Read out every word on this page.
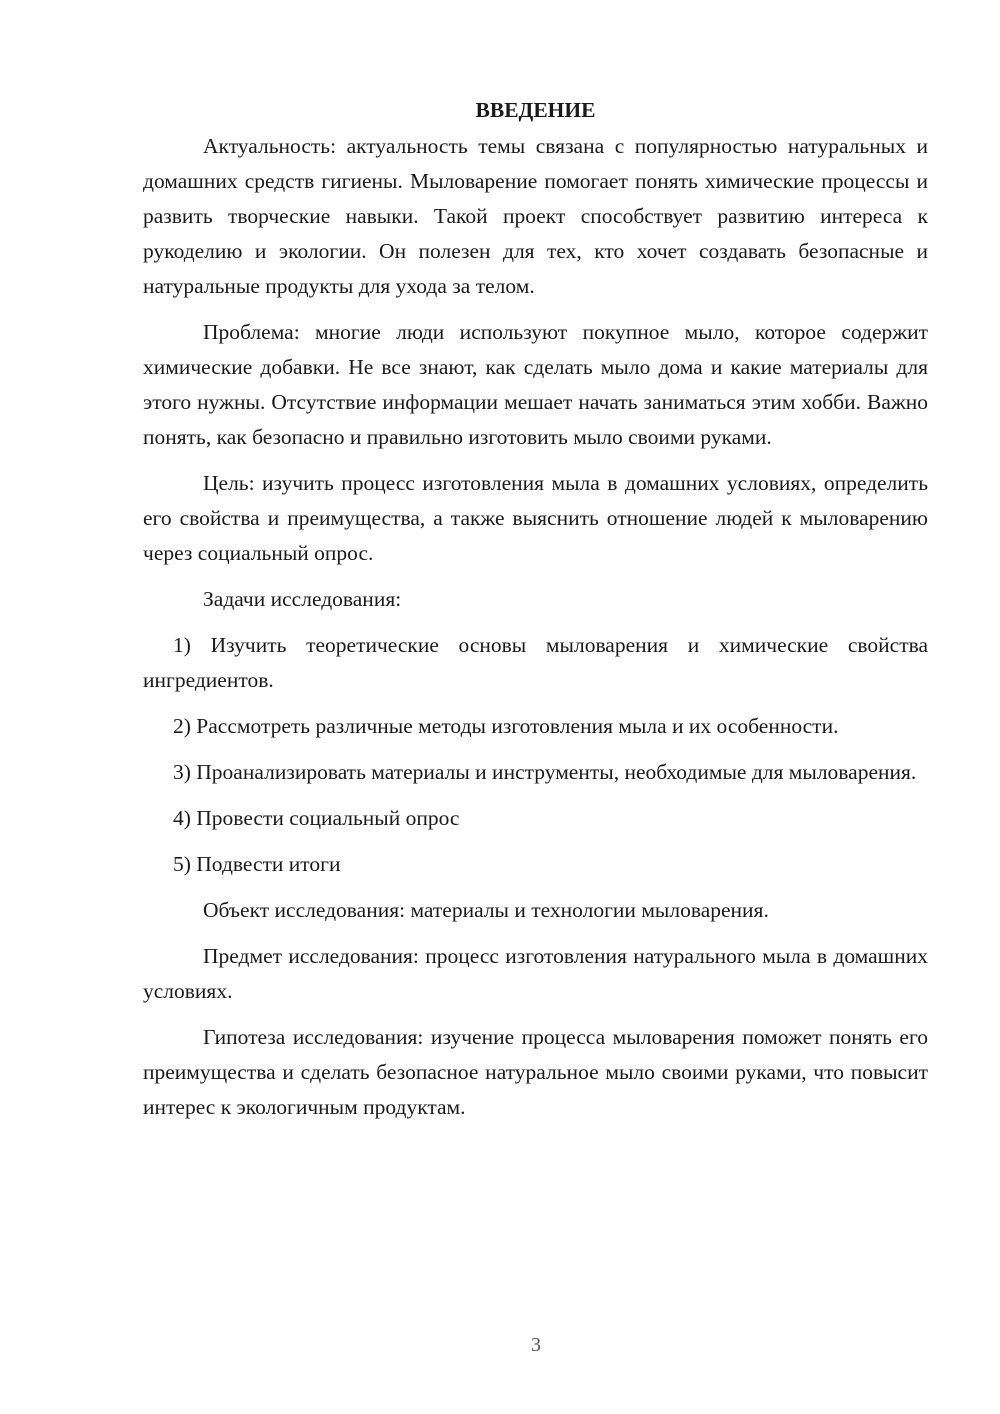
ВВЕДЕНИЕ

Актуальность: актуальность темы связана с популярностью натуральных и домашних средств гигиены. Мыловарение помогает понять химические процессы и развить творческие навыки. Такой проект способствует развитию интереса к рукоделию и экологии. Он полезен для тех, кто хочет создавать безопасные и натуральные продукты для ухода за телом.

Проблема: многие люди используют покупное мыло, которое содержит химические добавки. Не все знают, как сделать мыло дома и какие материалы для этого нужны. Отсутствие информации мешает начать заниматься этим хобби. Важно понять, как безопасно и правильно изготовить мыло своими руками.

Цель: изучить процесс изготовления мыла в домашних условиях, определить его свойства и преимущества, а также выяснить отношение людей к мыловарению через социальный опрос.

Задачи исследования:

1) Изучить теоретические основы мыловарения и химические свойства ингредиентов.

2) Рассмотреть различные методы изготовления мыла и их особенности.

3) Проанализировать материалы и инструменты, необходимые для мыловарения.

4) Провести социальный опрос

5) Подвести итоги

Объект исследования: материалы и технологии мыловарения.

Предмет исследования: процесс изготовления натурального мыла в домашних условиях.

Гипотеза исследования: изучение процесса мыловарения поможет понять его преимущества и сделать безопасное натуральное мыло своими руками, что повысит интерес к экологичным продуктам.

3
